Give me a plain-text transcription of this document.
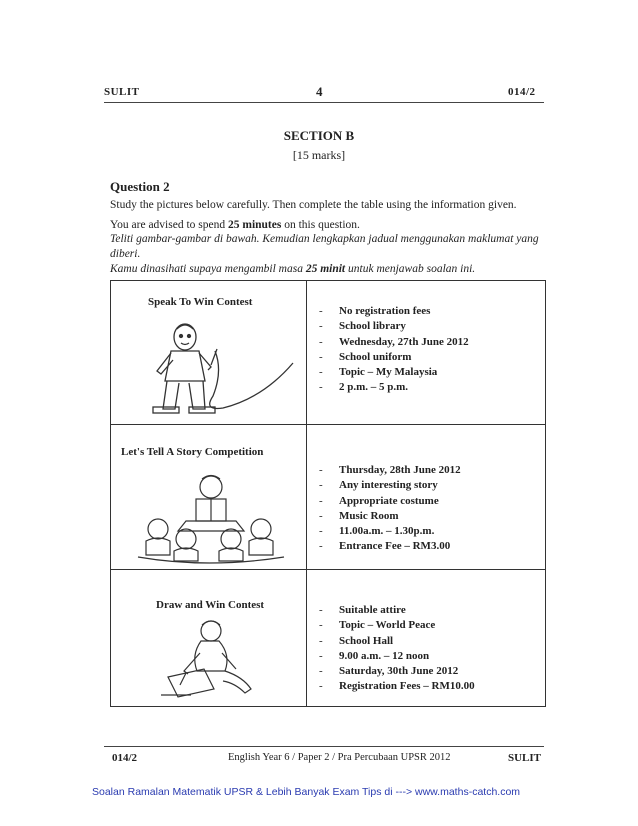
SULIT	4	014/2
SECTION B
[15 marks]
Question 2
Study the pictures below carefully. Then complete the table using the information given.
You are advised to spend 25 minutes on this question.
Teliti gambar-gambar di bawah. Kemudian lengkapkan jadual menggunakan maklumat yang diberi.
Kamu dinasihati supaya mengambil masa 25 minit untuk menjawab soalan ini.
Speak To Win Contest
- No registration fees
- School library
- Wednesday, 27th June 2012
- School uniform
- Topic – My Malaysia
- 2 p.m. – 5 p.m.
Let's Tell A Story Competition
- Thursday, 28th June 2012
- Any interesting story
- Appropriate costume
- Music Room
- 11.00a.m. – 1.30p.m.
- Entrance Fee – RM3.00
Draw and Win Contest
-	Suitable attire
- Topic – World Peace
- School Hall
- 9.00 a.m. – 12 noon
- Saturday, 30th June 2012
- Registration Fees – RM10.00
014/2	English Year 6 / Paper 2 / Pra Percubaan UPSR 2012	SULIT
Soalan Ramalan Matematik UPSR & Lebih Banyak Exam Tips di ---> www.maths-catch.com
